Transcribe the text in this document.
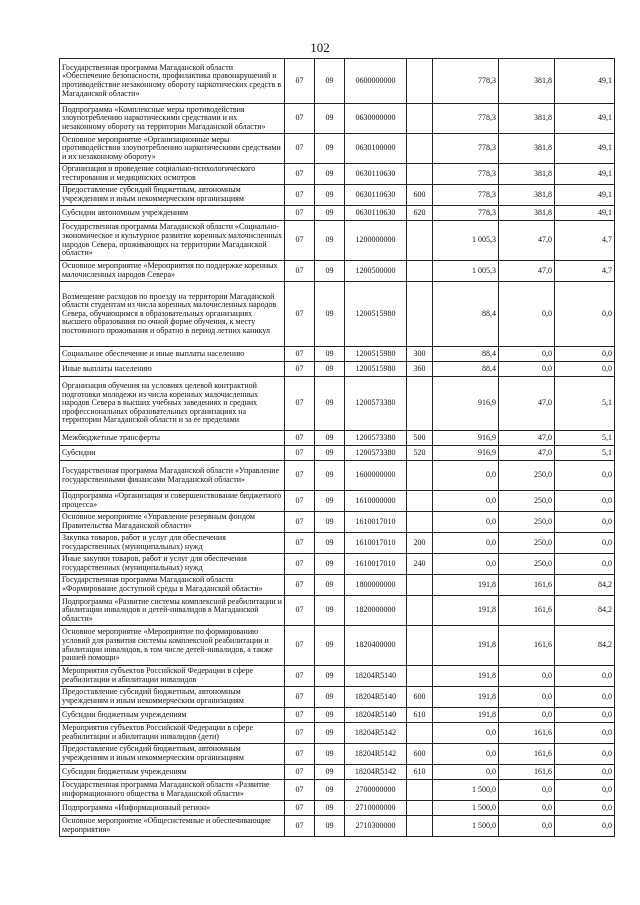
102
Государственная программа Магаданской области «Обеспечение безопасности, профилактика правонарушений и противодействие незаконному обороту наркотических средств в Магаданской области»	07	09	0600000000		778,3	381,8	49,1
Подпрограмма «Комплексные меры противодействия злоупотреблению наркотическими средствами и их незаконному обороту на территории Магаданской области»	07	09	0630000000		778,3	381,8	49,1
Основное мероприятие «Организационные меры противодействия злоупотреблению наркотическими средствами и их незаконному обороту»	07	09	0630100000		778,3	381,8	49,1
Организация и проведение социально-психологического тестирования и медицинских осмотров	07	09	0630110630		778,3	381,8	49,1
Предоставление субсидий бюджетным, автономным учреждениям и иным некоммерческим организациям	07	09	0630110630	600	778,3	381,8	49,1
Субсидии автономным учреждениям	07	09	0630110630	620	778,3	381,8	49,1
Государственная программа Магаданской области «Социально-экономическое и культурное развитие коренных малочисленных народов Севера, проживающих на территории Магаданской области»	07	09	1200000000		1 005,3	47,0	4,7
Основное мероприятие «Мероприятия по поддержке коренных малочисленных народов Севера»	07	09	1200500000		1 005,3	47,0	4,7
Возмещение расходов по проезду на территории Магаданской области студентам из числа коренных малочисленных народов Севера, обучающимся в образовательных организациях высшего образования по очной форме обучения, к месту постоянного проживания и обратно в период летних каникул	07	09	1200515980		88,4	0,0	0,0
Социальное обеспечение и иные выплаты населению	07	09	1200515980	300	88,4	0,0	0,0
Иные выплаты населению	07	09	1200515980	360	88,4	0,0	0,0
Организация обучения на условиях целевой контрактной подготовки молодежи из числа коренных малочисленных народов Севера в высших учебных заведениях и средних профессиональных образовательных организациях на территории Магаданской области и за ее пределами	07	09	1200573380		916,9	47,0	5,1
Межбюджетные трансферты	07	09	1200573380	500	916,9	47,0	5,1
Субсидии	07	09	1200573380	520	916,9	47,0	5,1
Государственная программа Магаданской области «Управление государственными финансами Магаданской области»	07	09	1600000000		0,0	250,0	0,0
Подпрограмма «Организация и совершенствование бюджетного процесса»	07	09	1610000000		0,0	250,0	0,0
Основное мероприятие «Управление резервным фондом Правительства Магаданской области»	07	09	1610017010		0,0	250,0	0,0
Закупка товаров, работ и услуг для обеспечения государственных (муниципальных) нужд	07	09	1610017010	200	0,0	250,0	0,0
Иные закупки товаров, работ и услуг для обеспечения государственных (муниципальных) нужд	07	09	1610017010	240	0,0	250,0	0,0
Государственная программа Магаданской области «Формирование доступной среды в Магаданской области»	07	09	1800000000		191,8	161,6	84,2
Подпрограмма «Развитие системы комплексной реабилитации и абилитации инвалидов и детей-инвалидов в Магаданской области»	07	09	1820000000		191,8	161,6	84,2
Основное мероприятие «Мероприятие по формированию условий для развития системы комплексной реабилитации и абилитации инвалидов, в том числе детей-инвалидов, а также ранней помощи»	07	09	1820400000		191,8	161,6	84,2
Мероприятия субъектов Российской Федерации в сфере реабилитации и абилитации инвалидов	07	09	18204R5140		191,8	0,0	0,0
Предоставление субсидий бюджетным, автономным учреждениям и иным некоммерческим организациям	07	09	18204R5140	600	191,8	0,0	0,0
Субсидии бюджетным учреждениям	07	09	18204R5140	610	191,8	0,0	0,0
Мероприятия субъектов Российской Федерации в сфере реабилитации и абилитации инвалидов (дети)	07	09	18204R5142		0,0	161,6	0,0
Предоставление субсидий бюджетным, автономным учреждениям и иным некоммерческим организациям	07	09	18204R5142	600	0,0	161,6	0,0
Субсидии бюджетным учреждениям	07	09	18204R5142	610	0,0	161,6	0,0
Государственная программа Магаданской области «Развитие информационного общества в Магаданской области»	07	09	2700000000		1 500,0	0,0	0,0
Подпрограмма «Информационный регион»	07	09	2710000000		1 500,0	0,0	0,0
Основное мероприятие «Общесистемные и обеспечивающие мероприятия»	07	09	2710300000		1 500,0	0,0	0,0
